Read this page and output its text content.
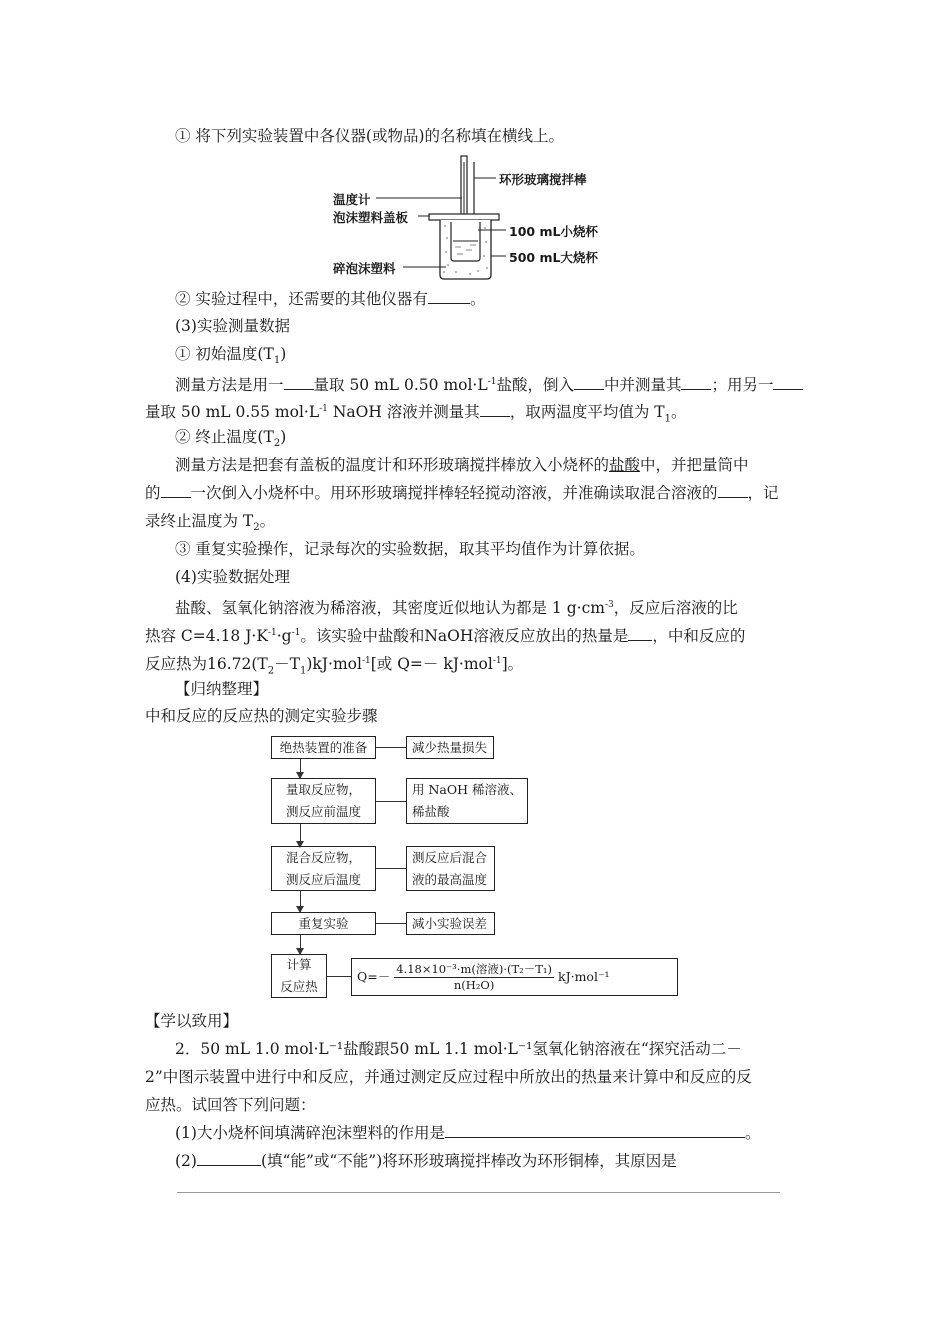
① 将下列实验装置中各仪器(或物品)的名称填在横线上。
温度计
泡沫塑料盖板
碎泡沫塑料
环形玻璃搅拌棒
100 mL小烧杯
500 mL大烧杯
② 实验过程中，还需要的其他仪器有	。
(3)实验测量数据
① 初始温度$(T_1)$
测量方法是用一 量取 50 mL 0.50 $mol\cdot L^{-1}$盐酸，倒入 中并测量其 ；用另一
量取 50 mL 0.55 $mol\cdot L^{-1}$ NaOH 溶液并测量其 ，取两温度平均值为 $T_1$。
② 终止温度$(T_2)$
测量方法是把套有盖板的温度计和环形玻璃搅拌棒放入小烧杯的盐酸中，并把量筒中
的 一次倒入小烧杯中。用环形玻璃搅拌棒轻轻搅动溶液，并准确读取混合溶液的 ，记
录终止温度为 $T_2$。
③ 重复实验操作，记录每次的实验数据，取其平均值作为计算依据。
(4)实验数据处理
盐酸、氢氧化钠溶液为稀溶液，其密度近似地认为都是 1 $g\cdot cm^{-3}$，反应后溶液的比
热容 C=4.18 $J\cdot K^{-1}\cdot g^{-1}$。该实验中盐酸和NaOH溶液反应放出的热量是 ，中和反应的
反应热为$16.72(T_2-T_1)kJ\cdot mol^{-1}$[或 Q=－ kJ·mol$^{-1}$]。
【归纳整理】
中和反应的反应热的测定实验步骤
绝热装置的准备	减少热量损失
量取反应物，
测反应前温度
用 NaOH 稀溶液、
稀盐酸
混合反应物，
测反应后温度
测反应后混合
液的最高温度
重复实验	减小实验误差
计算
反应热
Q=－
4.18×10⁻³·m(溶液)·(T₂－T₁)
n(H₂O)
kJ·mol⁻¹
【学以致用】
2．50 mL 1.0 mol·L⁻¹盐酸跟50 mL 1.1 mol·L⁻¹氢氧化钠溶液在“探究活动二－
2”中图示装置中进行中和反应，并通过测定反应过程中所放出的热量来计算中和反应的反
应热。试回答下列问题：
(1)大小烧杯间填满碎泡沫塑料的作用是	。
(2)	(填“能”或“不能”)将环形玻璃搅拌棒改为环形铜棒，其原因是
